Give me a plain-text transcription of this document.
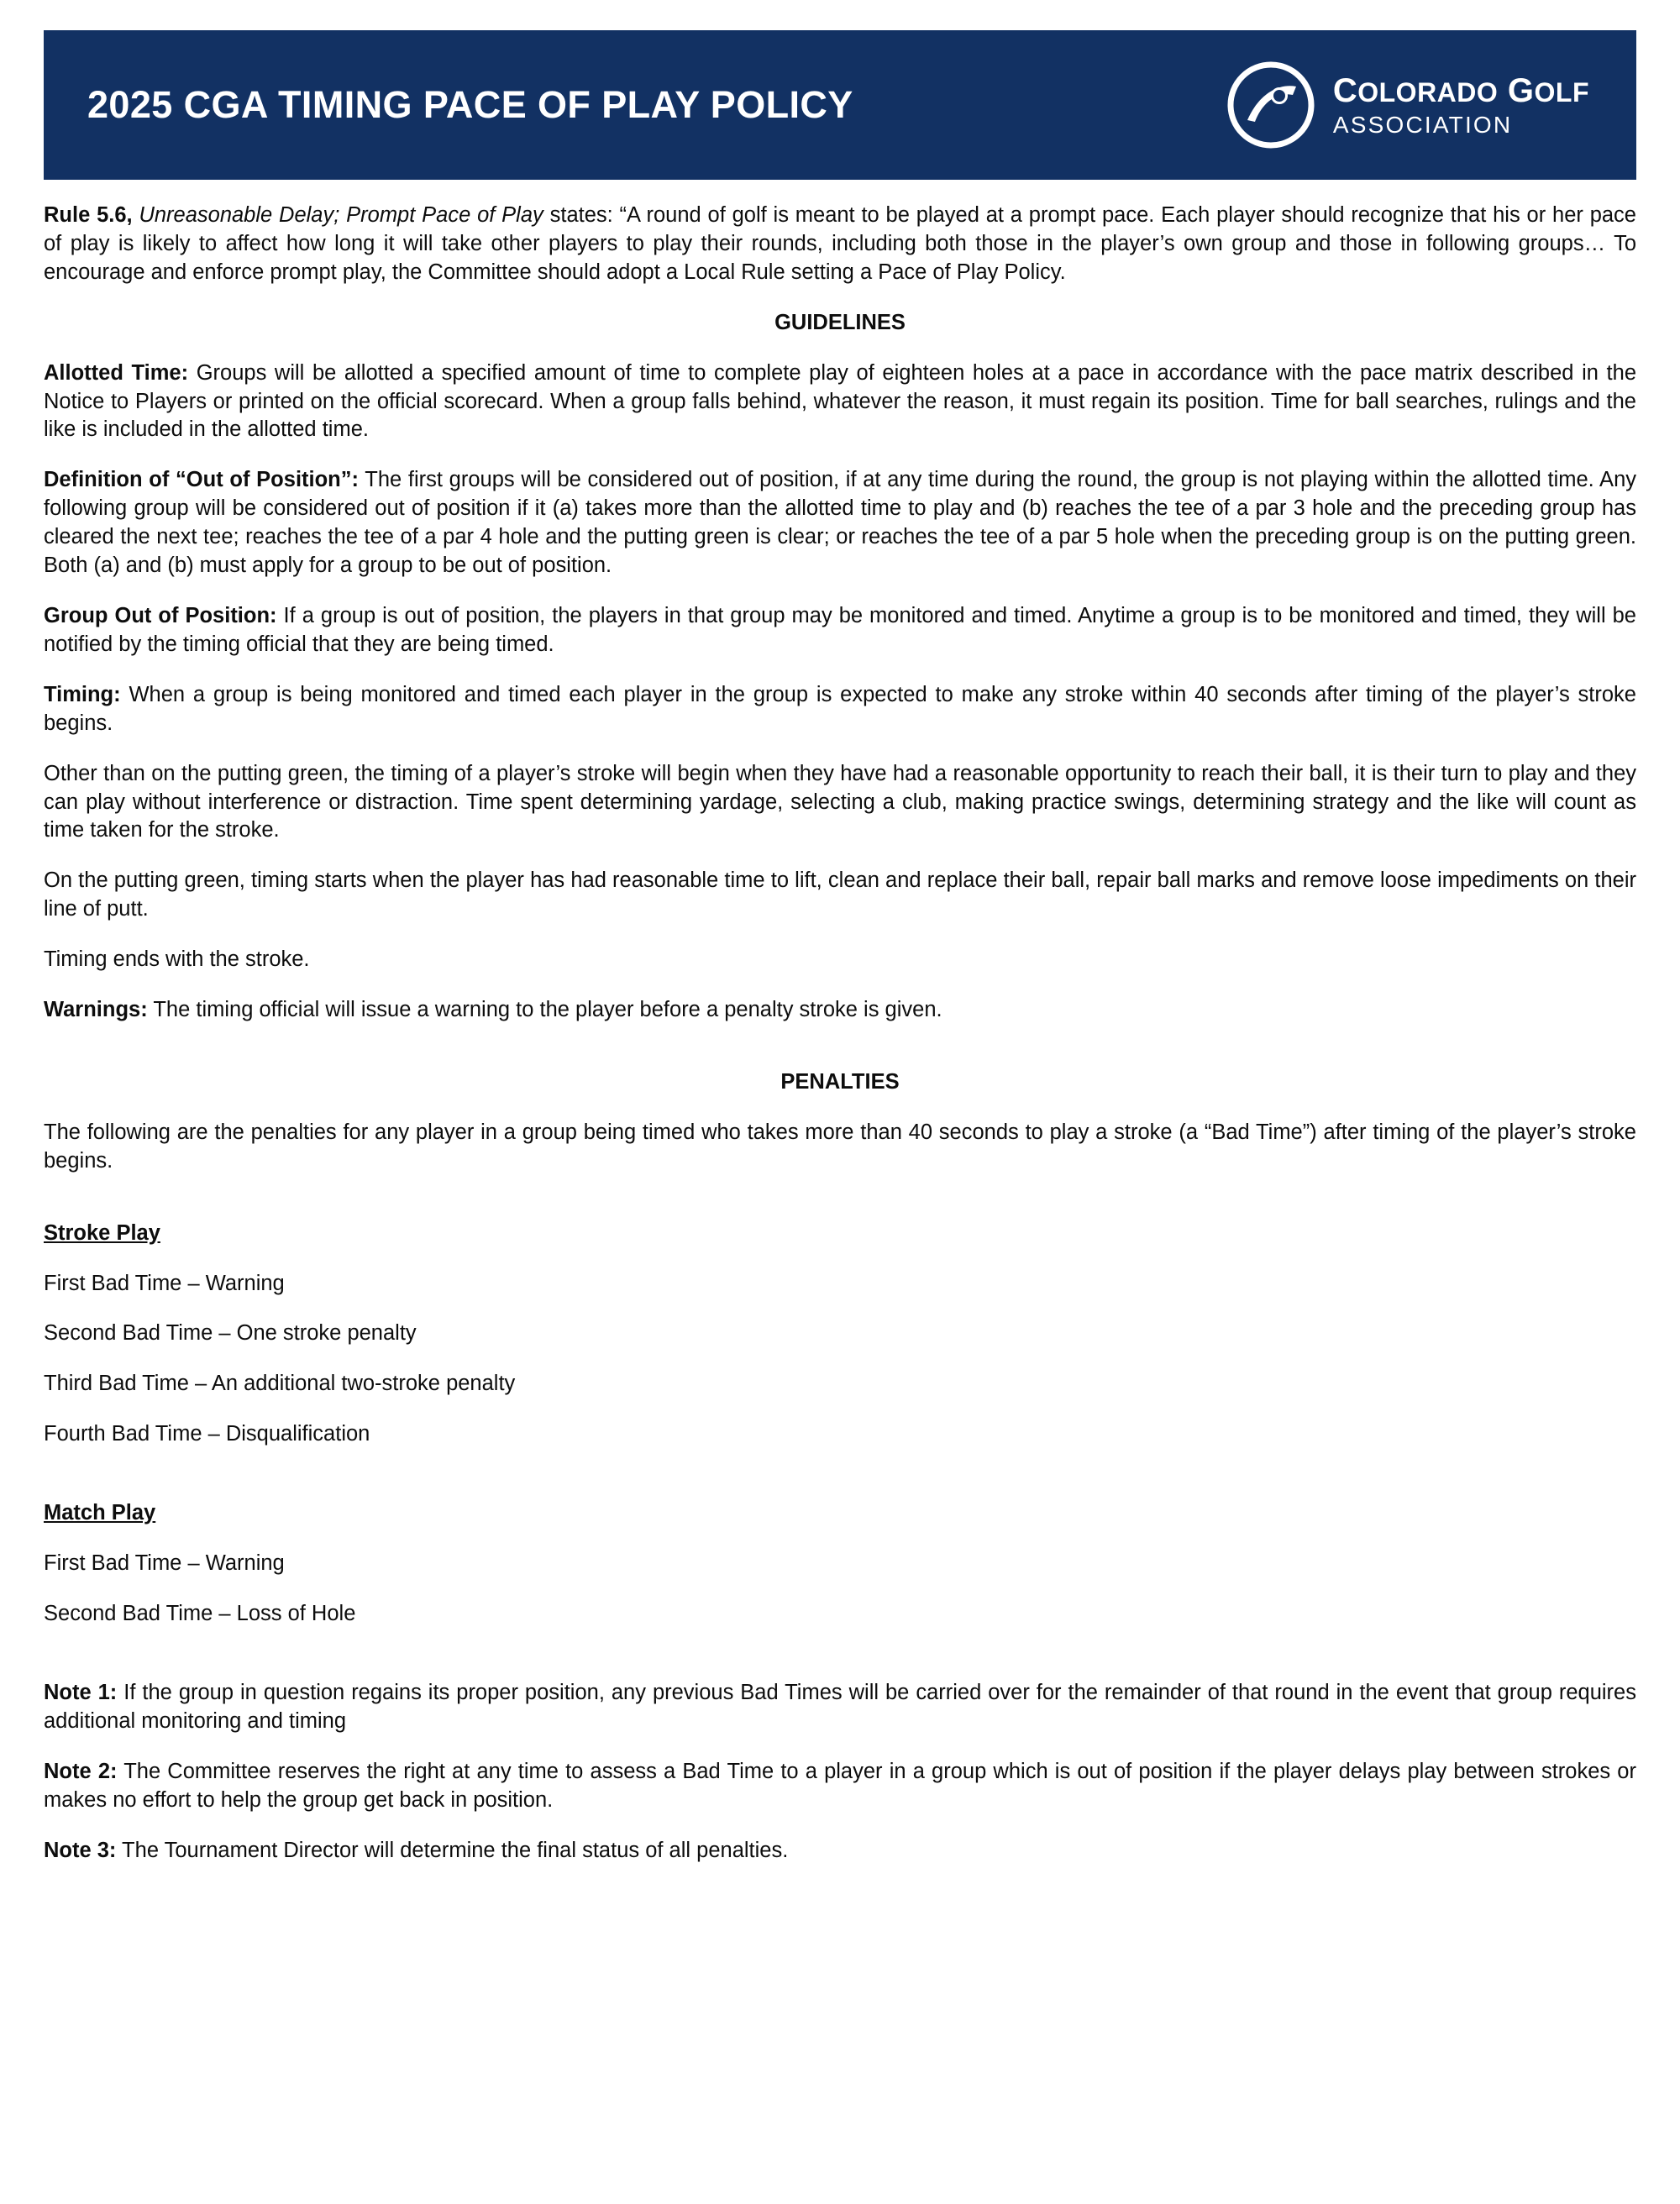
2025 CGA TIMING PACE OF PLAY POLICY	COLORADO GOLF
ASSOCIATION

Rule 5.6, Unreasonable Delay; Prompt Pace of Play states: “A round of golf is meant to be played at a prompt pace. Each player should recognize that his or her pace of play is likely to affect how long it will take other players to play their rounds, including both those in the player’s own group and those in following groups… To encourage and enforce prompt play, the Committee should adopt a Local Rule setting a Pace of Play Policy.

GUIDELINES

Allotted Time: Groups will be allotted a specified amount of time to complete play of eighteen holes at a pace in accordance with the pace matrix described in the Notice to Players or printed on the official scorecard. When a group falls behind, whatever the reason, it must regain its position. Time for ball searches, rulings and the like is included in the allotted time.

Definition of “Out of Position”: The first groups will be considered out of position, if at any time during the round, the group is not playing within the allotted time. Any following group will be considered out of position if it (a) takes more than the allotted time to play and (b) reaches the tee of a par 3 hole and the preceding group has cleared the next tee; reaches the tee of a par 4 hole and the putting green is clear; or reaches the tee of a par 5 hole when the preceding group is on the putting green. Both (a) and (b) must apply for a group to be out of position.

Group Out of Position: If a group is out of position, the players in that group may be monitored and timed. Anytime a group is to be monitored and timed, they will be notified by the timing official that they are being timed.

Timing: When a group is being monitored and timed each player in the group is expected to make any stroke within 40 seconds after timing of the player’s stroke begins.

Other than on the putting green, the timing of a player’s stroke will begin when they have had a reasonable opportunity to reach their ball, it is their turn to play and they can play without interference or distraction. Time spent determining yardage, selecting a club, making practice swings, determining strategy and the like will count as time taken for the stroke.

On the putting green, timing starts when the player has had reasonable time to lift, clean and replace their ball, repair ball marks and remove loose impediments on their line of putt.

Timing ends with the stroke.

Warnings: The timing official will issue a warning to the player before a penalty stroke is given.

PENALTIES

The following are the penalties for any player in a group being timed who takes more than 40 seconds to play a stroke (a “Bad Time”) after timing of the player’s stroke begins.

Stroke Play

First Bad Time – Warning

Second Bad Time – One stroke penalty

Third Bad Time – An additional two-stroke penalty

Fourth Bad Time – Disqualification

Match Play

First Bad Time – Warning

Second Bad Time – Loss of Hole

Note 1: If the group in question regains its proper position, any previous Bad Times will be carried over for the remainder of that round in the event that group requires additional monitoring and timing

Note 2: The Committee reserves the right at any time to assess a Bad Time to a player in a group which is out of position if the player delays play between strokes or makes no effort to help the group get back in position.

Note 3: The Tournament Director will determine the final status of all penalties.
